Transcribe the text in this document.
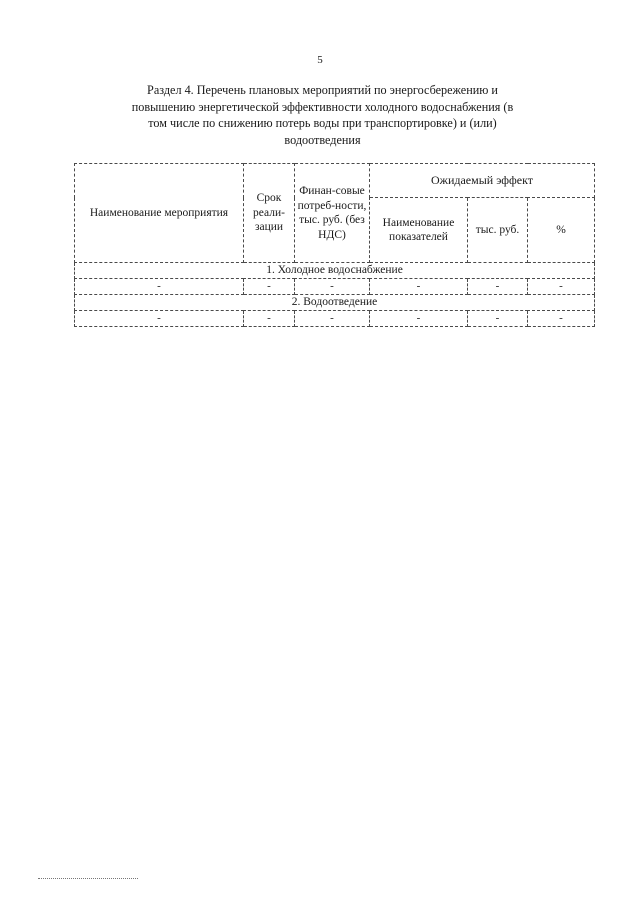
5
Раздел 4. Перечень плановых мероприятий по энергосбережению и
повышению энергетической эффективности холодного водоснабжения (в
том числе по снижению потерь воды при транспортировке) и (или)
водоотведения
Наименование мероприятия	Срок реали-зации	Финан-совые потреб-ности, тыс. руб. (без НДС)	Ожидаемый эффект		
			Наименование показателей	тыс. руб.	%
1. Холодное водоснабжение					
-	-	-	-	-	-
2. Водоотведение					
-	-	-	-	-	-
